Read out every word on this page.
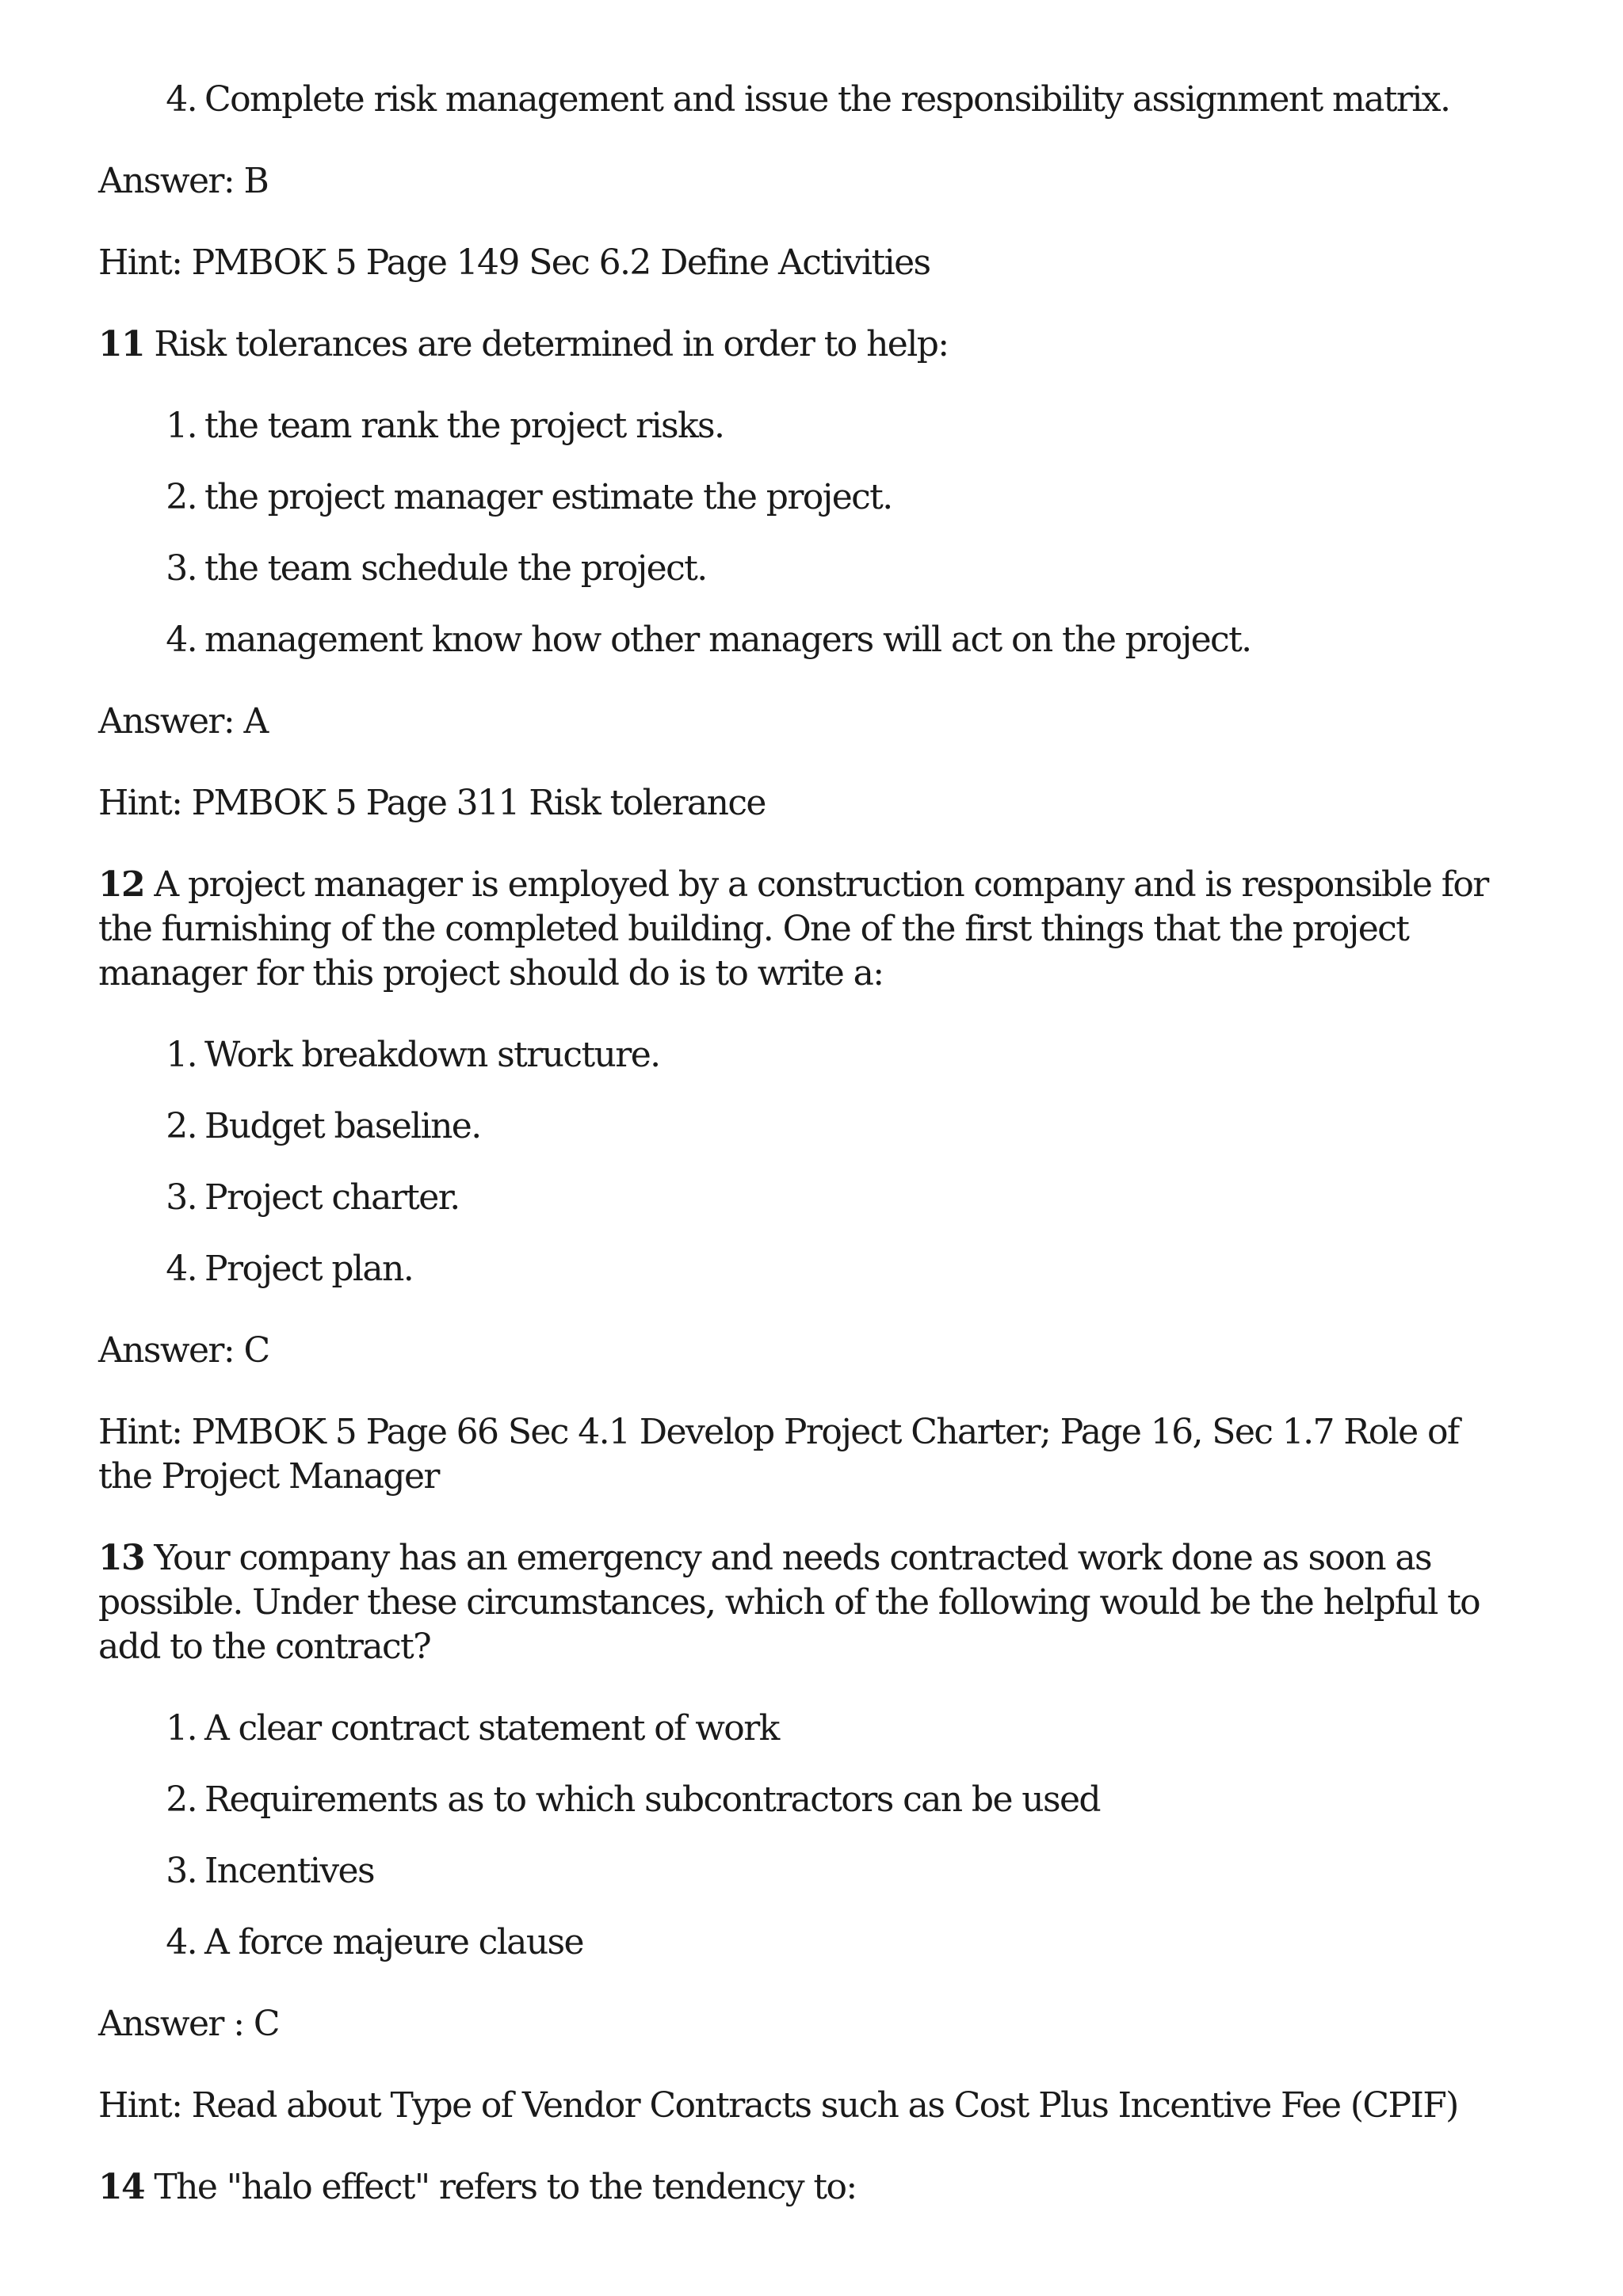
4. Complete risk management and issue the responsibility assignment matrix.

Answer: B

Hint: PMBOK 5 Page 149 Sec 6.2 Define Activities

11 Risk tolerances are determined in order to help:

1. the team rank the project risks.
2. the project manager estimate the project.
3. the team schedule the project.
4. management know how other managers will act on the project.

Answer: A

Hint: PMBOK 5 Page 311 Risk tolerance

12 A project manager is employed by a construction company and is responsible for the furnishing of the completed building. One of the first things that the project manager for this project should do is to write a:

1. Work breakdown structure.
2. Budget baseline.
3. Project charter.
4. Project plan.

Answer: C

Hint: PMBOK 5 Page 66 Sec 4.1 Develop Project Charter; Page 16, Sec 1.7 Role of the Project Manager

13 Your company has an emergency and needs contracted work done as soon as possible. Under these circumstances, which of the following would be the helpful to add to the contract?

1. A clear contract statement of work
2. Requirements as to which subcontractors can be used
3. Incentives
4. A force majeure clause

Answer : C

Hint: Read about Type of Vendor Contracts such as Cost Plus Incentive Fee (CPIF)

14 The "halo effect" refers to the tendency to:
